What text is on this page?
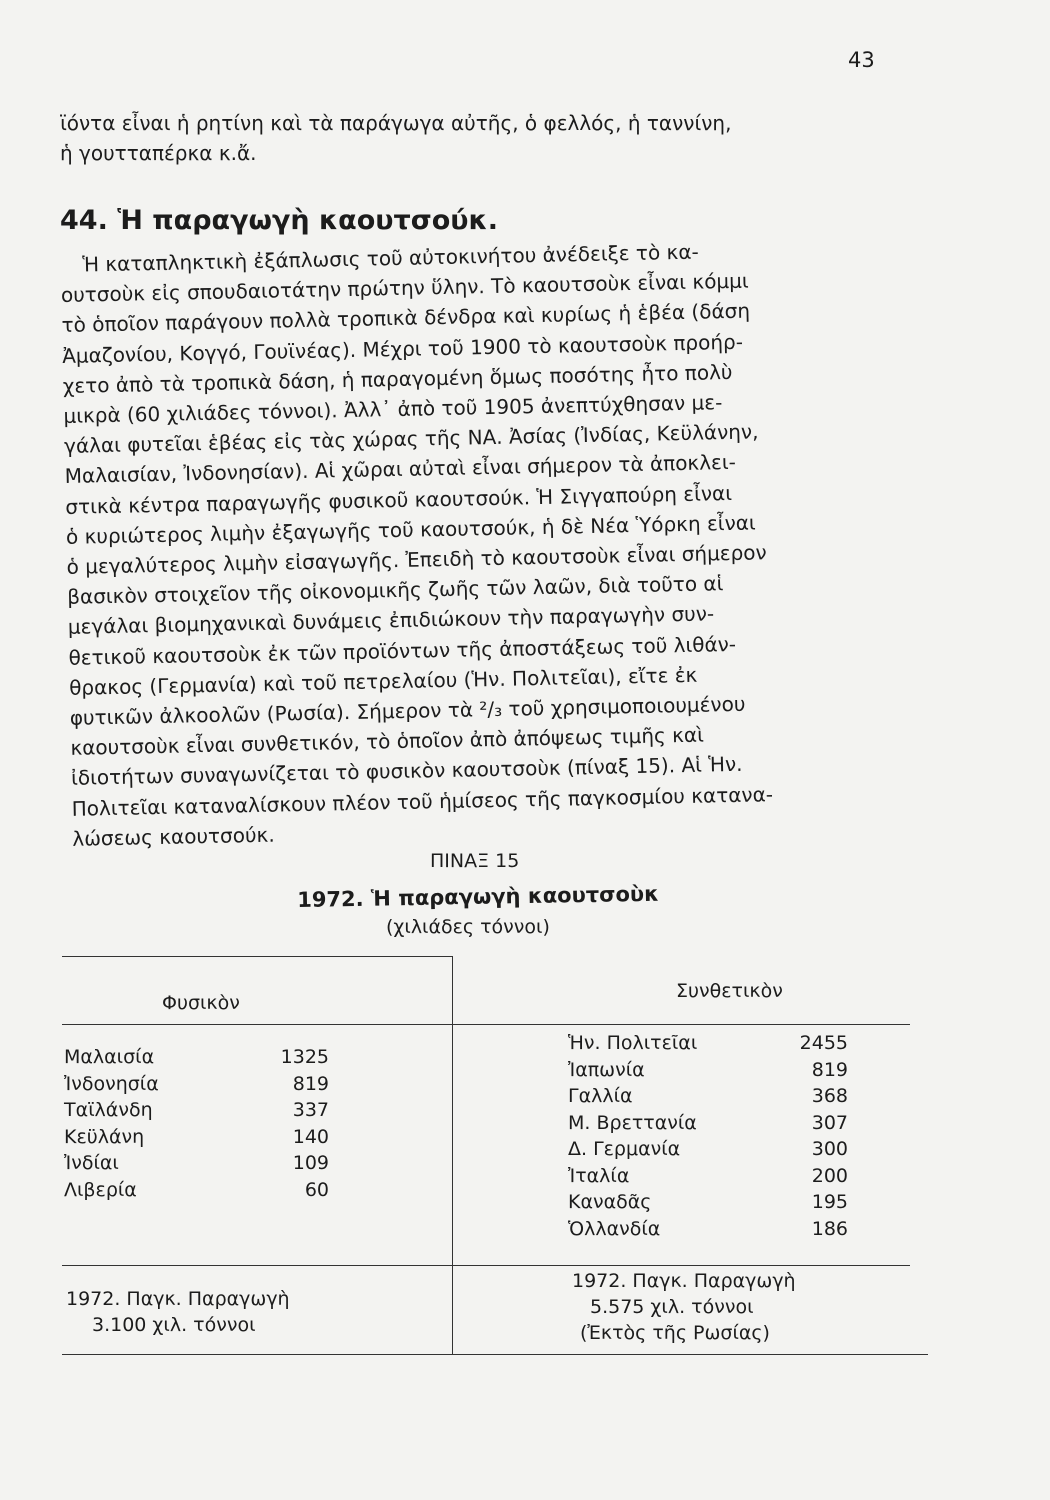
43
ϊόντα εἶναι ἡ ρητίνη καὶ τὰ παράγωγα αὐτῆς, ὁ φελλός, ἡ ταννίνη,
ἡ γουτταπέρκα κ.ἄ.
44. Ἡ παραγωγὴ καουτσούκ.
Ἡ καταπληκτικὴ ἐξάπλωσις τοῦ αὐτοκινήτου ἀνέδειξε τὸ κα-
ουτσοὺκ εἰς σπουδαιοτάτην πρώτην ὕλην. Τὸ καουτσοὺκ εἶναι κόμμι
τὸ ὁποῖον παράγουν πολλὰ τροπικὰ δένδρα καὶ κυρίως ἡ ἑβέα (δάση
Ἀμαζονίου, Κογγό, Γουϊνέας). Μέχρι τοῦ 1900 τὸ καουτσοὺκ προήρ-
χετο ἀπὸ τὰ τροπικὰ δάση, ἡ παραγομένη ὅμως ποσότης ἦτο πολὺ
μικρὰ (60 χιλιάδες τόννοι). Ἀλλ᾽ ἀπὸ τοῦ 1905 ἀνεπτύχθησαν με-
γάλαι φυτεῖαι ἑβέας εἰς τὰς χώρας τῆς ΝΑ. Ἀσίας (Ἰνδίας, Κεϋλάνην,
Μαλαισίαν, Ἰνδονησίαν). Αἱ χῶραι αὐταὶ εἶναι σήμερον τὰ ἀποκλει-
στικὰ κέντρα παραγωγῆς φυσικοῦ καουτσούκ. Ἡ Σιγγαπούρη εἶναι
ὁ κυριώτερος λιμὴν ἐξαγωγῆς τοῦ καουτσούκ, ἡ δὲ Νέα Ὑόρκη εἶναι
ὁ μεγαλύτερος λιμὴν εἰσαγωγῆς. Ἐπειδὴ τὸ καουτσοὺκ εἶναι σήμερον
βασικὸν στοιχεῖον τῆς οἰκονομικῆς ζωῆς τῶν λαῶν, διὰ τοῦτο αἱ
μεγάλαι βιομηχανικαὶ δυνάμεις ἐπιδιώκουν τὴν παραγωγὴν συν-
θετικοῦ καουτσοὺκ ἐκ τῶν προϊόντων τῆς ἀποστάξεως τοῦ λιθάν-
θρακος (Γερμανία) καὶ τοῦ πετρελαίου (Ἡν. Πολιτεῖαι), εἴτε ἐκ
φυτικῶν ἀλκοολῶν (Ρωσία). Σήμερον τὰ ²/₃ τοῦ χρησιμοποιουμένου
καουτσοὺκ εἶναι συνθετικόν, τὸ ὁποῖον ἀπὸ ἀπόψεως τιμῆς καὶ
ἰδιοτήτων συναγωνίζεται τὸ φυσικὸν καουτσοὺκ (πίναξ 15). Αἱ Ἡν.
Πολιτεῖαι καταναλίσκουν πλέον τοῦ ἡμίσεος τῆς παγκοσμίου κατανα-
λώσεως καουτσούκ.
ΠΙΝΑΞ 15
1972. Ἡ παραγωγὴ καουτσοὺκ
(χιλιάδες τόννοι)
Φυσικὸν
Συνθετικὸν
Μαλαισία	1325
Ἰνδονησία	819
Ταϊλάνδη	337
Κεϋλάνη	140
Ἰνδίαι	109
Λιβερία	60
Ἡν. Πολιτεῖαι	2455
Ἰαπωνία	819
Γαλλία	368
Μ. Βρεττανία	307
Δ. Γερμανία	300
Ἰταλία	200
Καναδᾶς	195
Ὁλλανδία	186
1972. Παγκ. Παραγωγὴ
3.100 χιλ. τόννοι
1972. Παγκ. Παραγωγὴ
5.575 χιλ. τόννοι
(Ἐκτὸς τῆς Ρωσίας)
